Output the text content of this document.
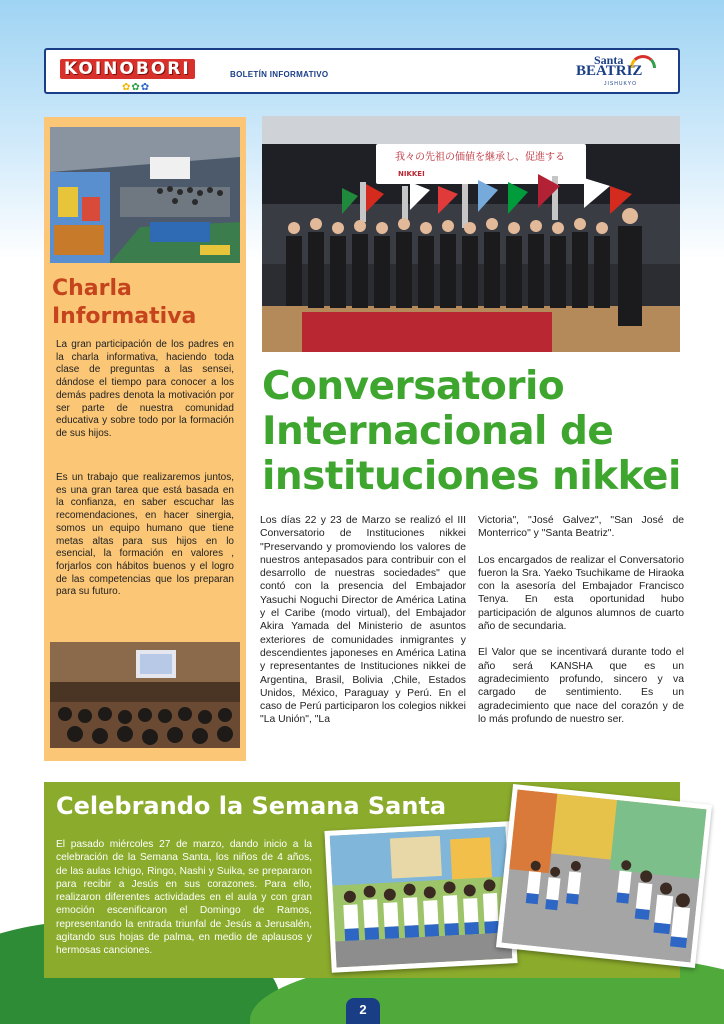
KOINOBORI
✿✿✿
BOLETÍN INFORMATIVO
Santa
BEATRIZ
JISHUKYO
Charla Informativa
La gran participación de los padres en la charla informativa, haciendo toda clase de preguntas a las sensei, dándose el tiempo para conocer a los demás padres denota la motivación por ser parte de nuestra comunidad educativa y sobre todo por la formación de sus hijos.
Es un trabajo que realizaremos juntos, es una gran tarea que está basada en la confianza, en saber escuchar las recomendaciones, en hacer sinergia, somos un equipo humano que tiene metas altas para sus hijos en lo esencial, la formación en valores , forjarlos con hábitos buenos y el logro de las competencias que los preparan para su futuro.
我々の先祖の価値を継承し、促進する
NIKKEI
Conversatorio Internacional de instituciones nikkei

Los días 22 y 23 de Marzo se realizó el III Conversatorio de Instituciones nikkei "Preservando y promoviendo los valores de nuestros antepasados para contribuir con el desarrollo de nuestras sociedades" que contó con la presencia del Embajador Yasuchi Noguchi Director de América Latina y el Caribe (modo virtual), del Embajador Akira Yamada del Ministerio de asuntos exteriores de comunidades inmigrantes y descendientes japoneses en América Latina y representantes de Instituciones nikkei de Argentina, Brasil, Bolivia ,Chile, Estados Unidos, México, Paraguay y Perú. En el caso de Perú participaron los colegios nikkei "La Unión", "La

Victoria", "José Galvez", "San José de Monterrico" y "Santa Beatriz".

Los encargados de realizar el Conversatorio fueron la Sra. Yaeko Tsuchikame de Hiraoka con la asesoría del Embajador Francisco Tenya. En esta oportunidad hubo participación de algunos alumnos de cuarto año de secundaria.

El Valor que se incentivará durante todo el año será KANSHA que es un agradecimiento profundo, sincero y va cargado de sentimiento. Es un agradecimiento que nace del corazón y de lo más profundo de nuestro ser.

Celebrando la Semana Santa
El pasado miércoles 27 de marzo, dando inicio a la celebración de la Semana Santa, los niños de 4 años, de las aulas Ichigo, Ringo, Nashi y Suika, se prepararon para recibir a Jesús en sus corazones. Para ello, realizaron diferentes actividades en el aula y con gran emoción escenificaron el Domingo de Ramos, representando la entrada triunfal de Jesús a Jerusalén, agitando sus hojas de palma, en medio de aplausos y hermosas canciones.
2
